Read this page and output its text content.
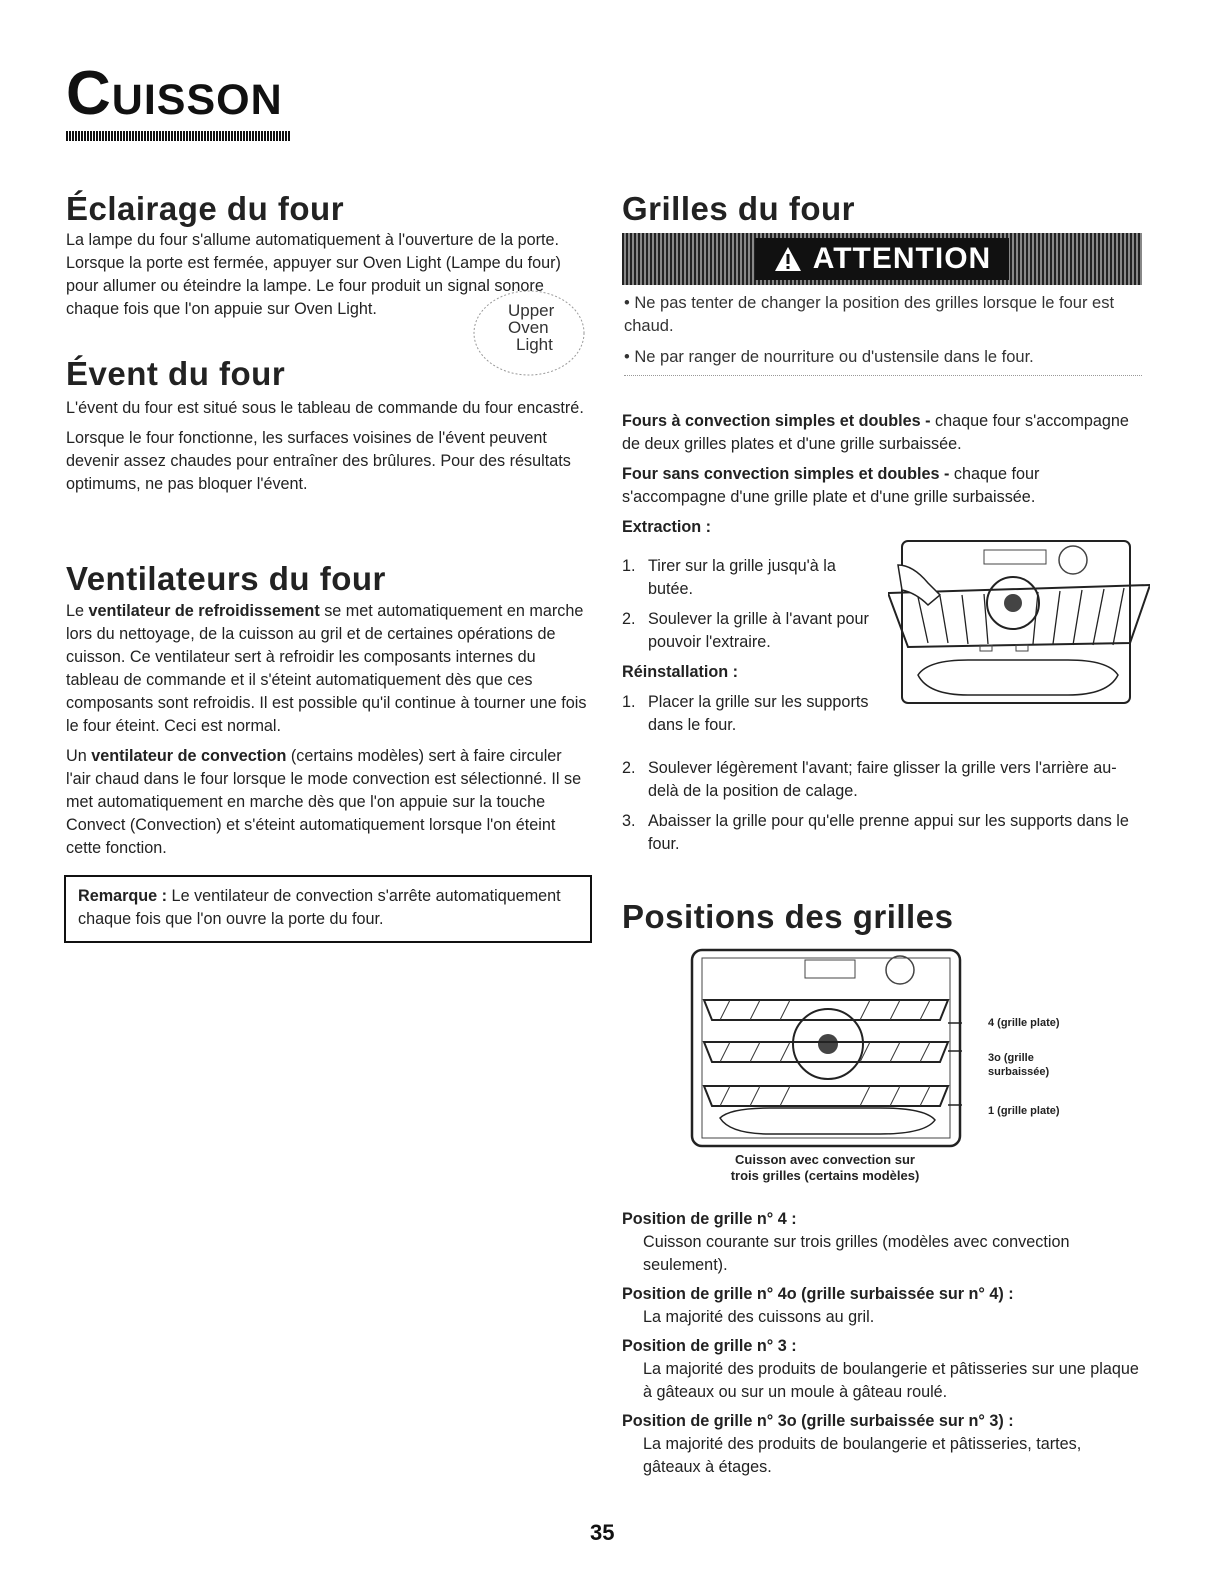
Cuisson
Éclairage du four
La lampe du four s'allume automatiquement à l'ouverture de la porte. Lorsque la porte est fermée, appuyer sur Oven Light (Lampe du four) pour allumer ou éteindre la lampe. Le four produit un signal sonore chaque fois que l'on appuie sur Oven Light.	Upper
Oven
Light
Évent du four

L'évent du four est situé sous le tableau de commande du four encastré.

Lorsque le four fonctionne, les surfaces voisines de l'évent peuvent devenir assez chaudes pour entraîner des brûlures. Pour des résultats optimums, ne pas bloquer l'évent.

Ventilateurs du four

Le ventilateur de refroidissement se met automatiquement en marche lors du nettoyage, de la cuisson au gril et de certaines opérations de cuisson. Ce ventilateur sert à refroidir les composants internes du tableau de commande et il s'éteint automatiquement dès que ces composants sont refroidis. Il est possible qu'il continue à tourner une fois le four éteint. Ceci est normal.

Un ventilateur de convection (certains modèles) sert à faire circuler l'air chaud dans le four lorsque le mode convection est sélectionné. Il se met automatiquement en marche dès que l'on appuie sur la touche Convect (Convection) et s'éteint automatiquement lorsque l'on éteint cette fonction.

Remarque : Le ventilateur de convection s'arrête automatiquement chaque fois que l'on ouvre la porte du four.
Grilles du four
ATTENTION
• Ne pas tenter de changer la position des grilles lorsque le four est chaud.
• Ne par ranger de nourriture ou d'ustensile dans le four.

Fours à convection simples et doubles - chaque four s'accompagne de deux grilles plates et d'une grille surbaissée.

Four sans convection simples et doubles - chaque four s'accompagne d'une grille plate et d'une grille surbaissée.

Extraction :

1. Tirer sur la grille jusqu'à la butée.
2. Soulever la grille à l'avant pour pouvoir l'extraire.

Réinstallation :

1. Placer la grille sur les supports dans le four.
2. Soulever légèrement l'avant; faire glisser la grille vers l'arrière au-delà de la position de calage.
3. Abaisser la grille pour qu'elle prenne appui sur les supports dans le four.
Positions des grilles
4 (grille plate)
3o (grille surbaissée)
1 (grille plate)
Cuisson avec convection sur
trois grilles (certains modèles)
Position de grille n° 4 :
Cuisson courante sur trois grilles (modèles avec convection seulement).
Position de grille n° 4o (grille surbaissée sur n° 4) :
La majorité des cuissons au gril.
Position de grille n° 3 :
La majorité des produits de boulangerie et pâtisseries sur une plaque à gâteaux ou sur un moule à gâteau roulé.
Position de grille n° 3o (grille surbaissée sur n° 3) :
La majorité des produits de boulangerie et pâtisseries, tartes, gâteaux à étages.
35
